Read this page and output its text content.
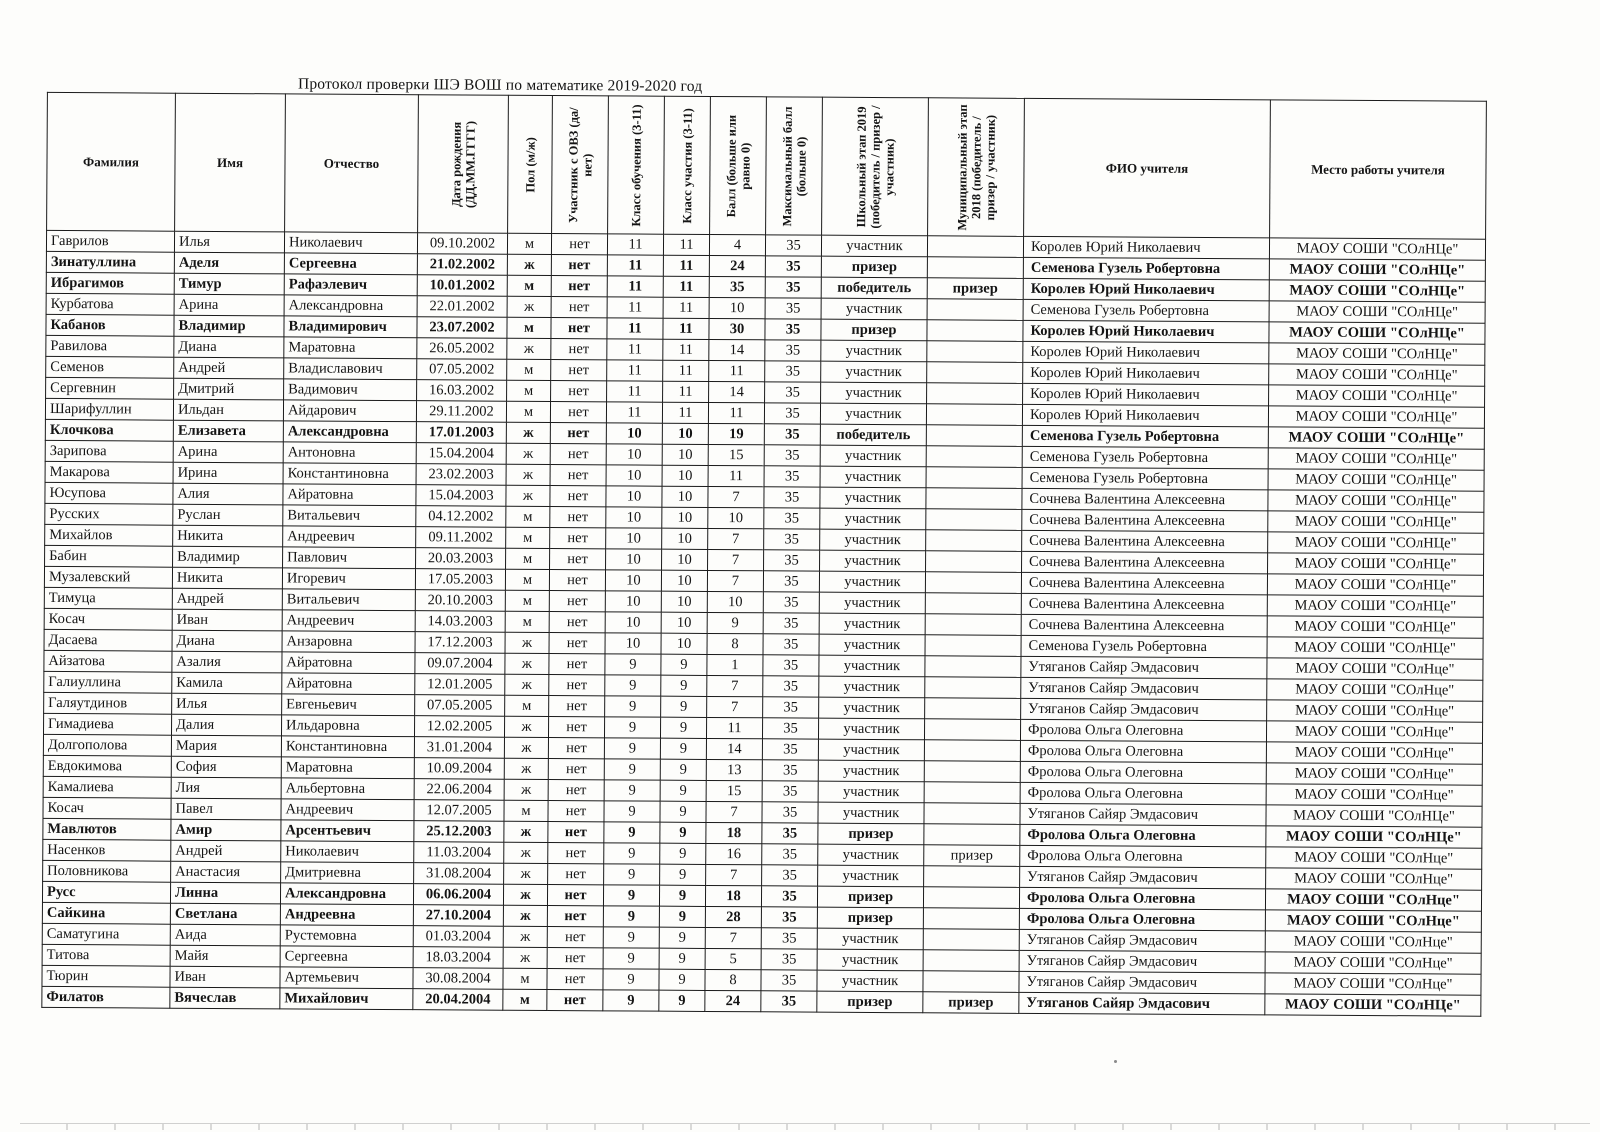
Протокол проверки ШЭ ВОШ по математике 2019-2020 год
Фамилия	Имя	Отчество	Дата рождения (ДД.ММ.ГГГГ)	Пол (м/ж)	Участник с ОВЗ (да/нет)	Класс обучения (3-11)	Класс участия (3-11)	Балл (больше или равно 0)	Максимальный балл (больше 0)	Школьный этап 2019 (победитель / призер / участник)	Муниципальный этап 2018 (победитель / призер / участник)	ФИО учителя	Место работы учителя
Гаврилов	Илья	Николаевич	09.10.2002	м	нет	11	11	4	35	участник		Королев Юрий Николаевич	МАОУ СОШИ "СОлНЦе"
Зинатуллина	Аделя	Сергеевна	21.02.2002	ж	нет	11	11	24	35	призер		Семенова Гузель Робертовна	МАОУ СОШИ "СОлНЦе"
Ибрагимов	Тимур	Рафаэлевич	10.01.2002	м	нет	11	11	35	35	победитель	призер	Королев Юрий Николаевич	МАОУ СОШИ "СОлНЦе"
Курбатова	Арина	Александровна	22.01.2002	ж	нет	11	11	10	35	участник		Семенова Гузель Робертовна	МАОУ СОШИ "СОлНЦе"
Кабанов	Владимир	Владимирович	23.07.2002	м	нет	11	11	30	35	призер		Королев Юрий Николаевич	МАОУ СОШИ "СОлНЦе"
Равилова	Диана	Маратовна	26.05.2002	ж	нет	11	11	14	35	участник		Королев Юрий Николаевич	МАОУ СОШИ "СОлНЦе"
Семенов	Андрей	Владиславович	07.05.2002	м	нет	11	11	11	35	участник		Королев Юрий Николаевич	МАОУ СОШИ "СОлНЦе"
Сергевнин	Дмитрий	Вадимович	16.03.2002	м	нет	11	11	14	35	участник		Королев Юрий Николаевич	МАОУ СОШИ "СОлНЦе"
Шарифуллин	Ильдан	Айдарович	29.11.2002	м	нет	11	11	11	35	участник		Королев Юрий Николаевич	МАОУ СОШИ "СОлНЦе"
Клочкова	Елизавета	Александровна	17.01.2003	ж	нет	10	10	19	35	победитель		Семенова Гузель Робертовна	МАОУ СОШИ "СОлНЦе"
Зарипова	Арина	Антоновна	15.04.2004	ж	нет	10	10	15	35	участник		Семенова Гузель Робертовна	МАОУ СОШИ "СОлНЦе"
Макарова	Ирина	Константиновна	23.02.2003	ж	нет	10	10	11	35	участник		Семенова Гузель Робертовна	МАОУ СОШИ "СОлНЦе"
Юсупова	Алия	Айратовна	15.04.2003	ж	нет	10	10	7	35	участник		Сочнева Валентина Алексеевна	МАОУ СОШИ "СОлНЦе"
Русских	Руслан	Витальевич	04.12.2002	м	нет	10	10	10	35	участник		Сочнева Валентина Алексеевна	МАОУ СОШИ "СОлНЦе"
Михайлов	Никита	Андреевич	09.11.2002	м	нет	10	10	7	35	участник		Сочнева Валентина Алексеевна	МАОУ СОШИ "СОлНЦе"
Бабин	Владимир	Павлович	20.03.2003	м	нет	10	10	7	35	участник		Сочнева Валентина Алексеевна	МАОУ СОШИ "СОлНЦе"
Музалевский	Никита	Игоревич	17.05.2003	м	нет	10	10	7	35	участник		Сочнева Валентина Алексеевна	МАОУ СОШИ "СОлНЦе"
Тимуца	Андрей	Витальевич	20.10.2003	м	нет	10	10	10	35	участник		Сочнева Валентина Алексеевна	МАОУ СОШИ "СОлНЦе"
Косач	Иван	Андреевич	14.03.2003	м	нет	10	10	9	35	участник		Сочнева Валентина Алексеевна	МАОУ СОШИ "СОлНЦе"
Дасаева	Диана	Анзаровна	17.12.2003	ж	нет	10	10	8	35	участник		Семенова Гузель Робертовна	МАОУ СОШИ "СОлНЦе"
Айзатова	Азалия	Айратовна	09.07.2004	ж	нет	9	9	1	35	участник		Утяганов Сайяр Эмдасович	МАОУ СОШИ "СОлНце"
Галиуллина	Камила	Айратовна	12.01.2005	ж	нет	9	9	7	35	участник		Утяганов Сайяр Эмдасович	МАОУ СОШИ "СОлНце"
Галяутдинов	Илья	Евгеньевич	07.05.2005	м	нет	9	9	7	35	участник		Утяганов Сайяр Эмдасович	МАОУ СОШИ "СОлНце"
Гимадиева	Далия	Ильдаровна	12.02.2005	ж	нет	9	9	11	35	участник		Фролова Ольга Олеговна	МАОУ СОШИ "СОлНце"
Долгополова	Мария	Константиновна	31.01.2004	ж	нет	9	9	14	35	участник		Фролова Ольга Олеговна	МАОУ СОШИ "СОлНце"
Евдокимова	София	Маратовна	10.09.2004	ж	нет	9	9	13	35	участник		Фролова Ольга Олеговна	МАОУ СОШИ "СОлНце"
Камалиева	Лия	Альбертовна	22.06.2004	ж	нет	9	9	15	35	участник		Фролова Ольга Олеговна	МАОУ СОШИ "СОлНце"
Косач	Павел	Андреевич	12.07.2005	м	нет	9	9	7	35	участник		Утяганов Сайяр Эмдасович	МАОУ СОШИ "СОлНЦе"
Мавлютов	Амир	Арсентьевич	25.12.2003	ж	нет	9	9	18	35	призер		Фролова Ольга Олеговна	МАОУ СОШИ "СОлНЦе"
Насенков	Андрей	Николаевич	11.03.2004	ж	нет	9	9	16	35	участник	призер	Фролова Ольга Олеговна	МАОУ СОШИ "СОлНце"
Половникова	Анастасия	Дмитриевна	31.08.2004	ж	нет	9	9	7	35	участник		Утяганов Сайяр Эмдасович	МАОУ СОШИ "СОлНце"
Русс	Линна	Александровна	06.06.2004	ж	нет	9	9	18	35	призер		Фролова Ольга Олеговна	МАОУ СОШИ "СОлНце"
Сайкина	Светлана	Андреевна	27.10.2004	ж	нет	9	9	28	35	призер		Фролова Ольга Олеговна	МАОУ СОШИ "СОлНце"
Саматугина	Аида	Рустемовна	01.03.2004	ж	нет	9	9	7	35	участник		Утяганов Сайяр Эмдасович	МАОУ СОШИ "СОлНце"
Титова	Майя	Сергеевна	18.03.2004	ж	нет	9	9	5	35	участник		Утяганов Сайяр Эмдасович	МАОУ СОШИ "СОлНце"
Тюрин	Иван	Артемьевич	30.08.2004	м	нет	9	9	8	35	участник		Утяганов Сайяр Эмдасович	МАОУ СОШИ "СОлНце"
Филатов	Вячеслав	Михайлович	20.04.2004	м	нет	9	9	24	35	призер	призер	Утяганов Сайяр Эмдасович	МАОУ СОШИ "СОлНЦе"
